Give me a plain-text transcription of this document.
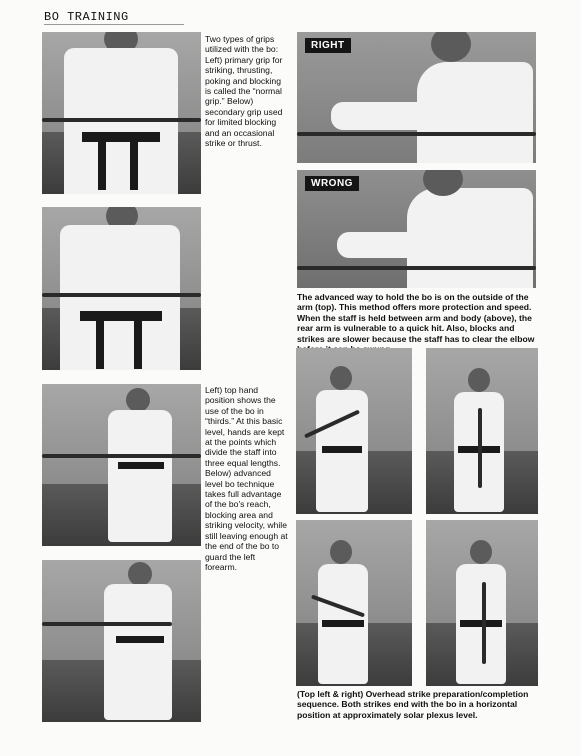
BO TRAINING
Two types of grips utilized with the bo: Left) primary grip for striking, thrusting, poking and blocking is called the “normal grip.” Below) secondary grip used for limited blocking and an occasional strike or thrust.
Left) top hand position shows the use of the bo in “thirds.” At this basic level, hands are kept at the points which divide the staff into three equal lengths. Below) advanced level bo technique takes full advantage of the bo's reach, blocking area and striking velocity, while still leaving enough at the end of the bo to guard the left forearm.
RIGHT
WRONG
The advanced way to hold the bo is on the outside of the arm (top). This method offers more protection and speed. When the staff is held between arm and body (above), the rear arm is vulnerable to a quick hit. Also, blocks and strikes are slower because the staff has to clear the elbow
(Top left & right) Overhead strike preparation/completion sequence. Both strikes end with the bo in a horizontal position at approximately solar plexus level.
